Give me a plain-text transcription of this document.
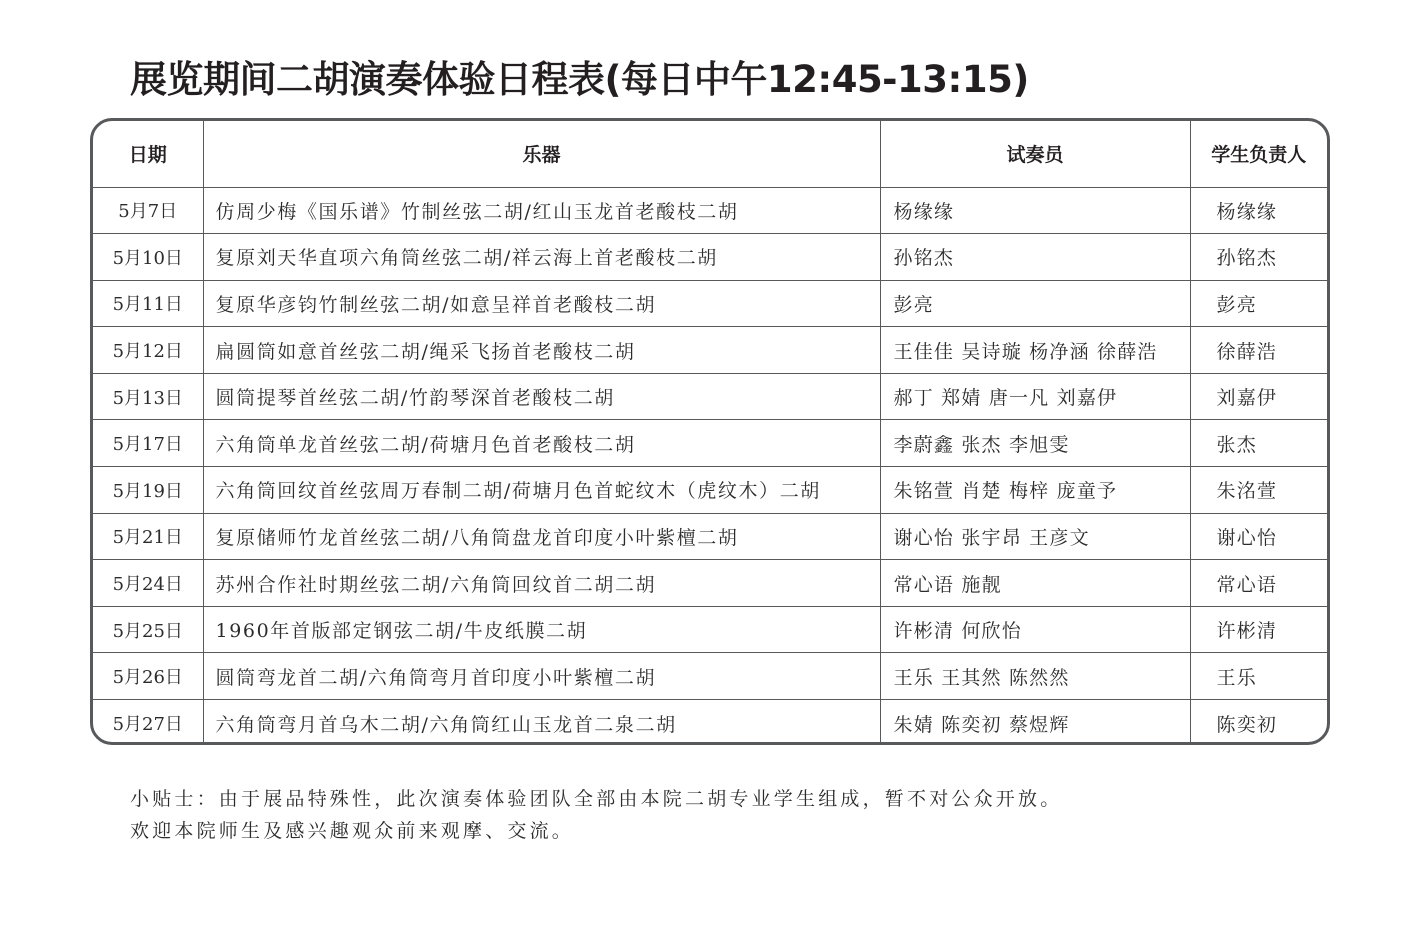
展览期间二胡演奏体验日程表(每日中午12:45-13:15)
日期	乐器	试奏员	学生负责人
5月7日	仿周少梅《国乐谱》竹制丝弦二胡/红山玉龙首老酸枝二胡	杨缘缘	杨缘缘
5月10日	复原刘天华直项六角筒丝弦二胡/祥云海上首老酸枝二胡	孙铭杰	孙铭杰
5月11日	复原华彦钧竹制丝弦二胡/如意呈祥首老酸枝二胡	彭亮	彭亮
5月12日	扁圆筒如意首丝弦二胡/绳采飞扬首老酸枝二胡	王佳佳 吴诗璇 杨净涵 徐薛浩	徐薛浩
5月13日	圆筒提琴首丝弦二胡/竹韵琴深首老酸枝二胡	郝丁 郑婧 唐一凡 刘嘉伊	刘嘉伊
5月17日	六角筒单龙首丝弦二胡/荷塘月色首老酸枝二胡	李蔚鑫 张杰 李旭雯	张杰
5月19日	六角筒回纹首丝弦周万春制二胡/荷塘月色首蛇纹木（虎纹木）二胡	朱铭萱 肖楚 梅梓 庞童予	朱洺萱
5月21日	复原储师竹龙首丝弦二胡/八角筒盘龙首印度小叶紫檀二胡	谢心怡 张宇昂 王彦文	谢心怡
5月24日	苏州合作社时期丝弦二胡/六角筒回纹首二胡二胡	常心语 施靓	常心语
5月25日	1960年首版部定钢弦二胡/牛皮纸膜二胡	许彬清 何欣怡	许彬清
5月26日	圆筒弯龙首二胡/六角筒弯月首印度小叶紫檀二胡	王乐 王其然 陈然然	王乐
5月27日	六角筒弯月首乌木二胡/六角筒红山玉龙首二泉二胡	朱婧 陈奕初 蔡煜辉	陈奕初
小贴士：由于展品特殊性，此次演奏体验团队全部由本院二胡专业学生组成，暂不对公众开放。
欢迎本院师生及感兴趣观众前来观摩、交流。
